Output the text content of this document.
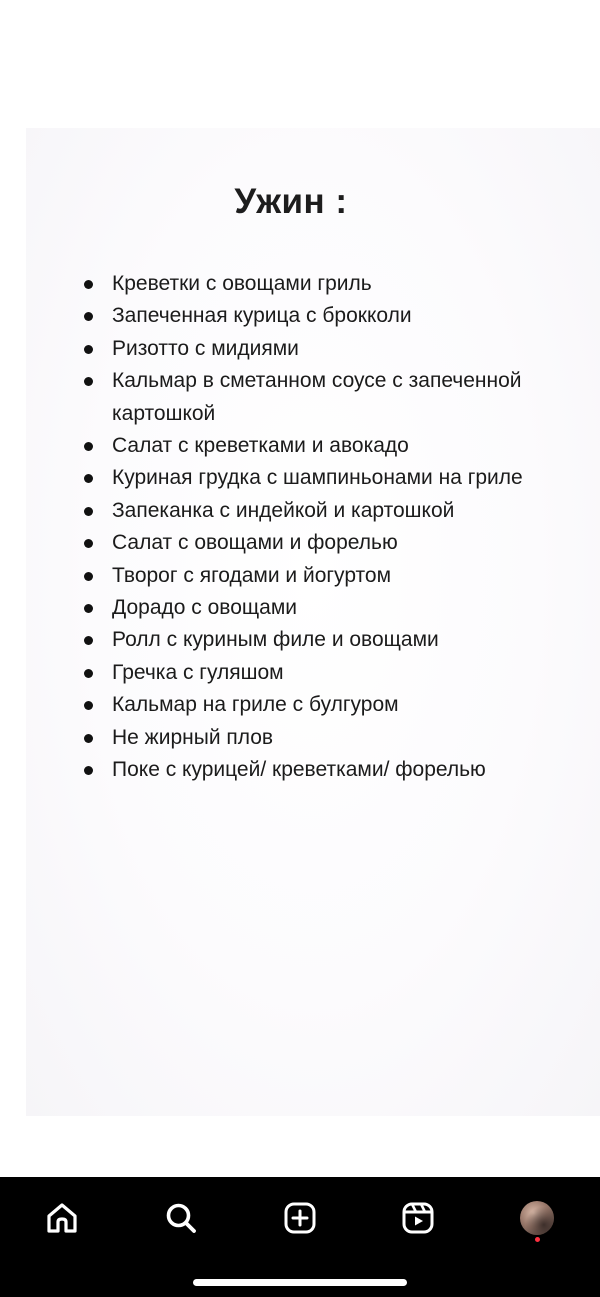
Ужин :
Креветки с овощами гриль
Запеченная курица с брокколи
Ризотто с мидиями
Кальмар в сметанном соусе с запеченной картошкой
Салат с креветками и авокадо
Куриная грудка с шампиньонами на гриле
Запеканка с индейкой и картошкой
Салат с овощами и форелью
Творог с ягодами и йогуртом
Дорадо с овощами
Ролл с куриным филе и овощами
Гречка с гуляшом
Кальмар на гриле с булгуром
Не жирный плов
Поке с курицей/ креветками/ форелью
